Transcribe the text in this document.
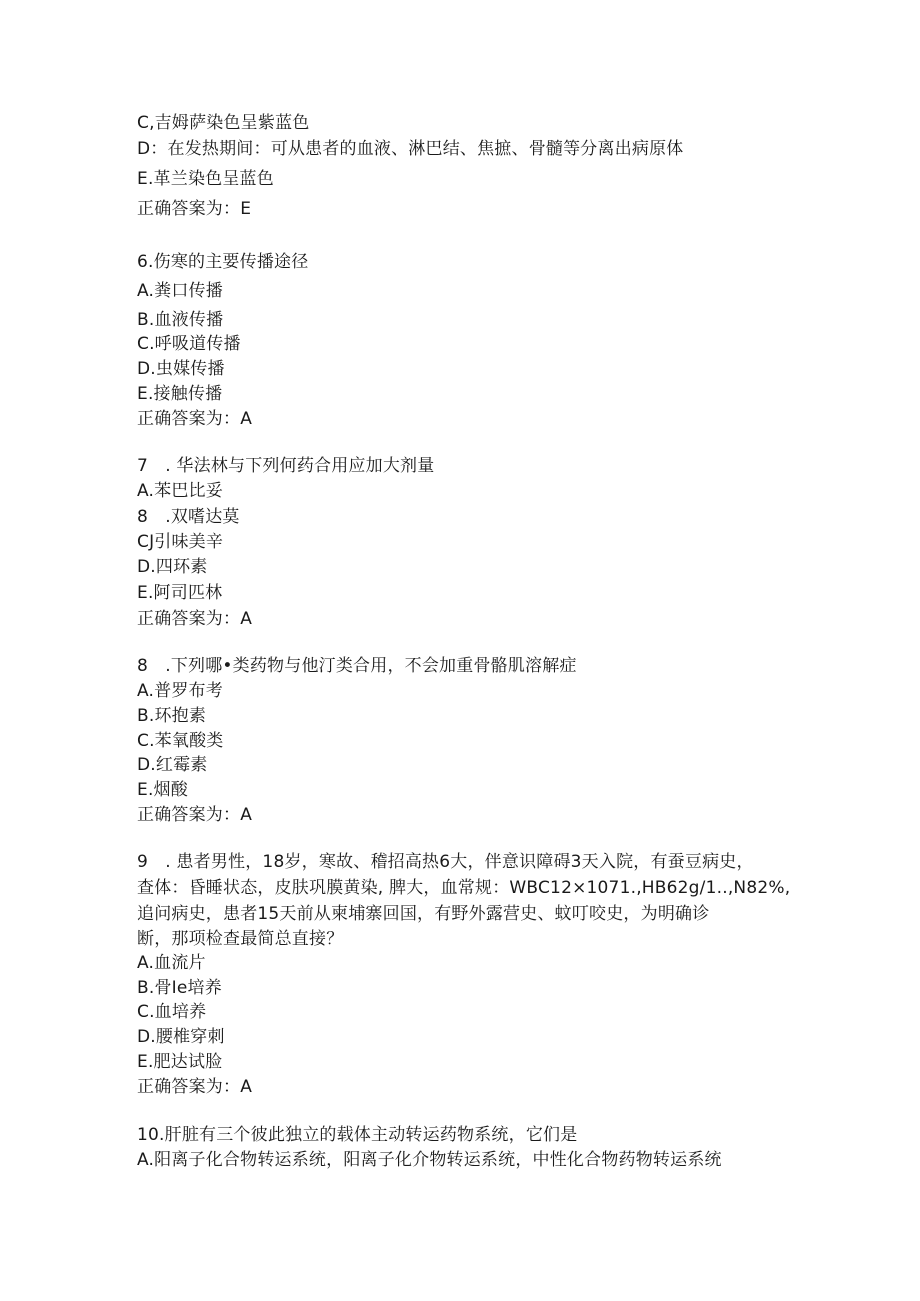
C,吉姆萨染色呈紫蓝色
D：在发热期间：可从患者的血液、淋巴结、焦摭、骨髓等分离出病原体
E.革兰染色呈蓝色
正确答案为：E
6.伤寒的主要传播途径
A.粪口传播
B.血液传播
C.呼吸道传播
D.虫媒传播
E.接触传播
正确答案为：A
7　. 华法林与下列何药合用应加大剂量
A.苯巴比妥
8　.双嗜达莫
CJ引味美辛
D.四环素
E.阿司匹林
正确答案为：A
8　.下列哪•类药物与他汀类合用，不会加重骨骼肌溶解症
A.普罗布考
B.环抱素
C.苯氧酸类
D.红霉素
E.烟酸
正确答案为：A
9　. 患者男性，18岁，寒故、稽招高热6大，伴意识障碍3天入院，有蚕豆病史，
查体：昏睡状态，皮肤巩膜黄染, 脾大，血常规：WBC12×1071.,HB62g/1..,N82%,
追问病史，患者15天前从柬埔寨回国，有野外露营史、蚊叮咬史，为明确诊
断，那项检查最简总直接？
A.血流片
B.骨Ie培养
C.血培养
D.腰椎穿刺
E.肥达试脸
正确答案为：A
10.肝脏有三个彼此独立的载体主动转运药物系统，它们是
A.阳离子化合物转运系统，阳离子化介物转运系统，中性化合物药物转运系统
